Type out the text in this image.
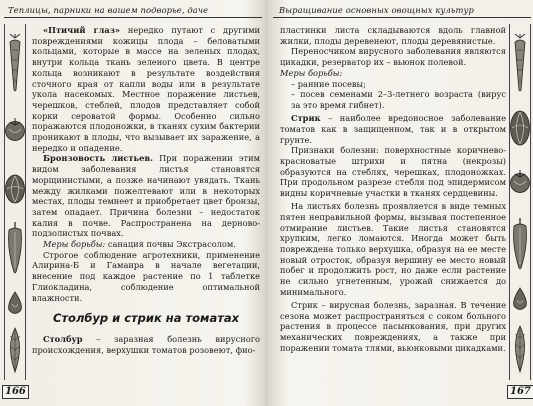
Теплицы, парники на вашем подворье, даче

«Птичий глаз» нередко путают с другими повреждениями кожицы плода – беловатыми кольцами, которые в массе на зеленых плодах, внутри кольца ткань зеленого цвета. В центре кольца возникают в результате воздействия сточного края от капли воды или в результате укола насекомых. Местное поражение листьев, черешков, стеблей, плодов представляет собой корки сероватой формы. Особенно сильно поражаются плодоножки, в тканях сухим бактерии проникают в плоды, что вызывает их заражение, а нередко и опадение.

Бронзовость листьев. При поражении этим видом заболевания листья становятся морщинистыми, а позже начинают увядать. Ткань между жилками пожелтевают или в некоторых местах, плоды темнеет и приобретает цвет бронзы, затем опадает. Причина болезни – недостаток калия в почве. Распространена на дерново-подзолистых почвах.

Меры борьбы: санация почвы Экстрасолом.

Строгое соблюдение агротехники, применение Алирина-Б и Гамаира в начале вегетации, внесение под каждое растение по 1 таблетке Глиокладина, соблюдение оптимальной влажности.

Столбур и стрик на томатах

Столбур – заразная болезнь вирусного происхождения, верхушки томатов розовеют, фио-

166
Выращивание основных овощных культур

пластинки листа складываются вдоль главной жилки, плоды деревенеют, плоды деревянистые.

Переносчиком вирусного заболевания являются цикадки, резерватор их – вьюнок полевой.

Меры борьбы:

– ранние посевы;

– посев семенами 2–3-летнего возраста (вирус за это время гибнет).

Стрик – наиболее вредоносное заболевание томатов как в защищенном, так и в открытом грунте.

Признаки болезни: поверхностные коричнево-красноватые штрихи и пятна (некрозы) образуются на стеблях, черешках, плодоножках. При продольном разрезе стебля под эпидермисом видны коричневые участки в тканях сердцевины.

На листьях болезнь проявляется в виде темных пятен неправильной формы, вызывая постепенное отмирание листьев. Такие листья становятся хрупким, легко ломаются. Иногда может быть повреждена только верхушка, образуя на ее месте новый отросток, образуя вершину ее место новый побег и продолжить рост, но даже если растение не сильно угнетенным, урожай снижается до минимального.

Стрик – вирусная болезнь, заразная. В течение сезона может распространяться с соком больного растения в процессе пасынкования, при других механических повреждениях, а также при поражении томата тлями, вьюнковыми цикадками.

167
